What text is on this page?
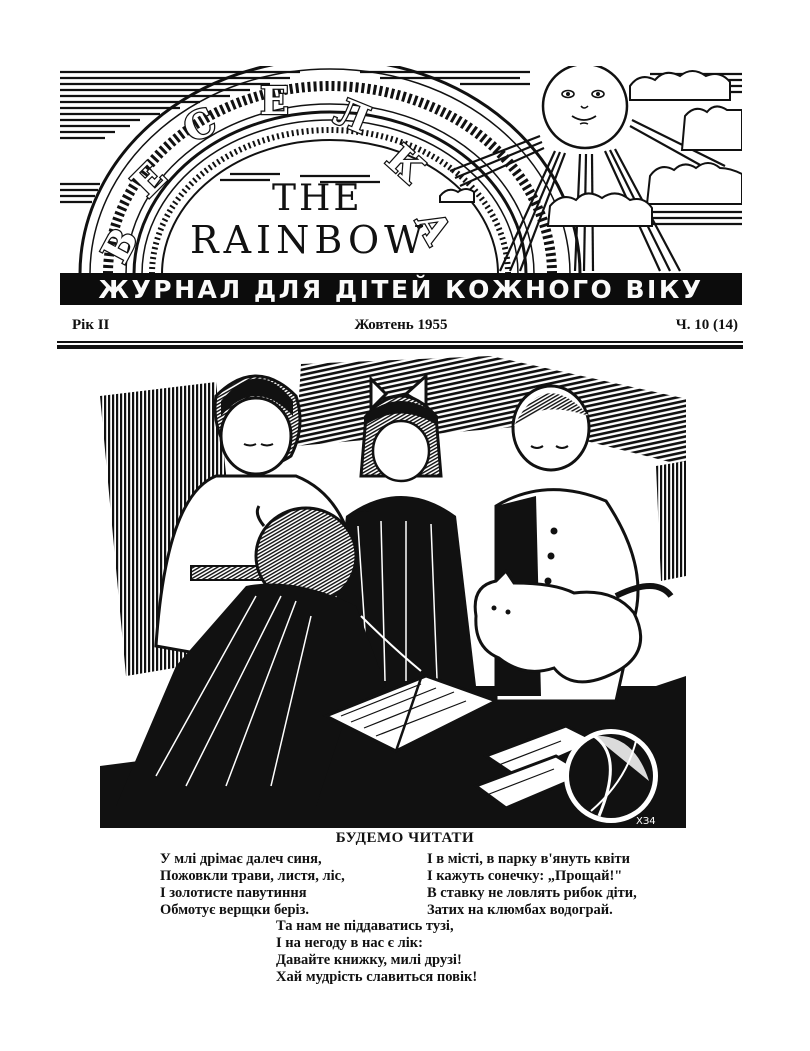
В
Е
С Е Л
К
А
THE
RAINBOW
ЖУРНАЛ ДЛЯ ДІТЕЙ КОЖНОГО ВІКУ
Рік II	Жовтень 1955	Ч. 10 (14)
ХЗ4
БУДЕМО ЧИТАТИ
У млі дрімає далеч синя,
Пожовкли трави, листя, ліс,
І золотисте павутиння
Обмотує верщки беріз.
І в місті, в парку в'януть квіти
І кажуть сонечку: „Прощай!"
В ставку не ловлять рибок діти,
Затих на клюмбах водограй.
Та нам не піддаватись тузі,
І на негоду в нас є лік:
Давайте книжку, милі друзі!
Хай мудрість славиться повік!
